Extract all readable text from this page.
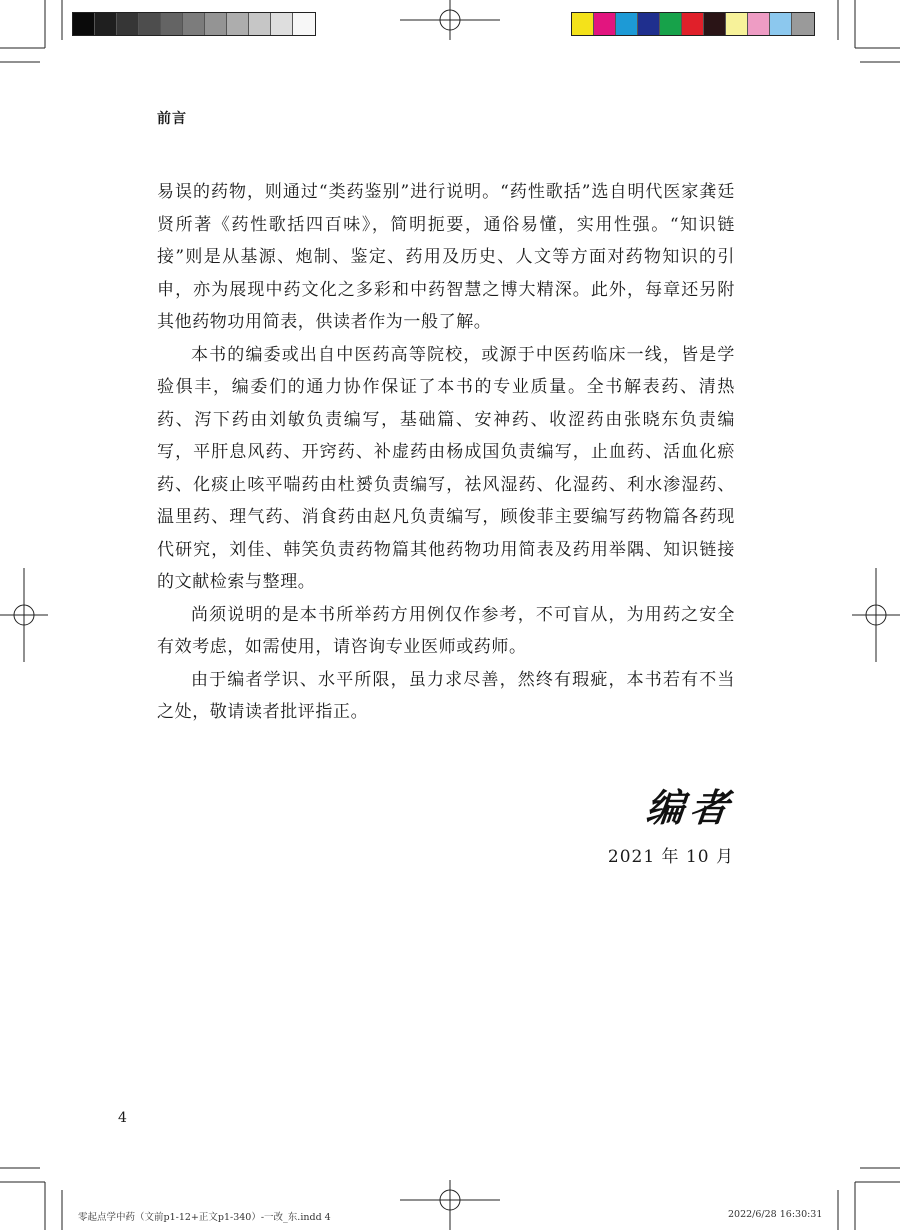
前言

易误的药物，则通过“类药鉴别”进行说明。“药性歌括”选自明代医家龚廷贤所著《药性歌括四百味》，简明扼要，通俗易懂，实用性强。“知识链接”则是从基源、炮制、鉴定、药用及历史、人文等方面对药物知识的引申，亦为展现中药文化之多彩和中药智慧之博大精深。此外，每章还另附其他药物功用简表，供读者作为一般了解。

本书的编委或出自中医药高等院校，或源于中医药临床一线，皆是学验俱丰，编委们的通力协作保证了本书的专业质量。全书解表药、清热药、泻下药由刘敏负责编写，基础篇、安神药、收涩药由张晓东负责编写，平肝息风药、开窍药、补虚药由杨成国负责编写，止血药、活血化瘀药、化痰止咳平喘药由杜赟负责编写，祛风湿药、化湿药、利水渗湿药、温里药、理气药、消食药由赵凡负责编写，顾俊菲主要编写药物篇各药现代研究，刘佳、韩笑负责药物篇其他药物功用简表及药用举隅、知识链接的文献检索与整理。

尚须说明的是本书所举药方用例仅作参考，不可盲从，为用药之安全有效考虑，如需使用，请咨询专业医师或药师。

由于编者学识、水平所限，虽力求尽善，然终有瑕疵，本书若有不当之处，敬请读者批评指正。

编者
2021 年 10 月
4
零起点学中药（文前p1-12+正文p1-340）-一改_东.indd 4	2022/6/28 16:30:31
